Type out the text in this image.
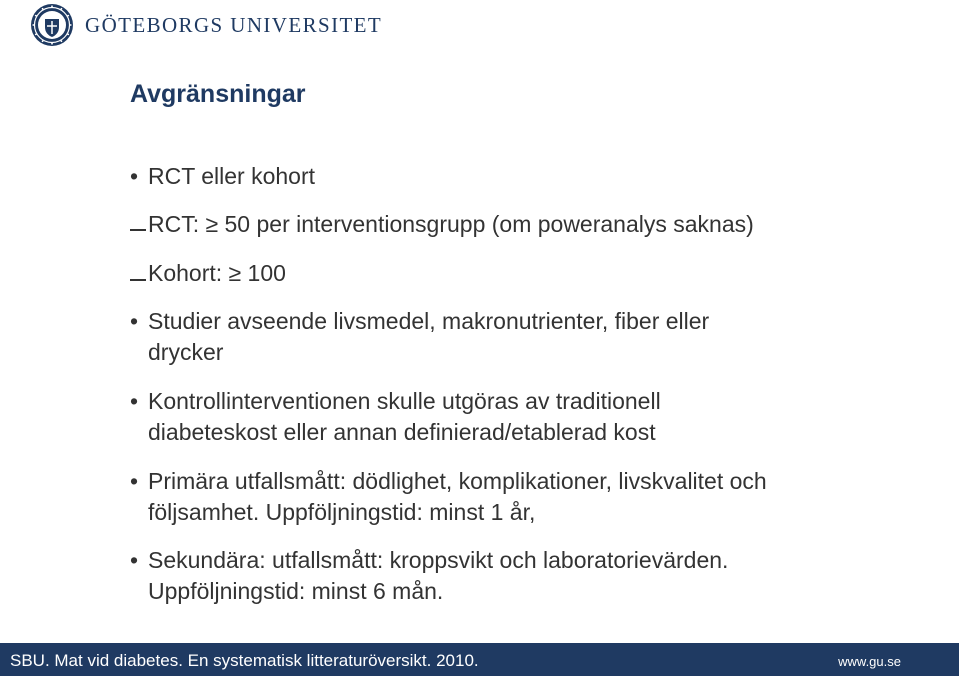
GÖTEBORGS UNIVERSITET
Avgränsningar
• RCT eller kohort
RCT: ≥ 50 per interventionsgrupp (om poweranalys saknas)
Kohort: ≥ 100
• Studier avseende livsmedel, makronutrienter, fiber eller
drycker
• Kontrollinterventionen skulle utgöras av traditionell
diabeteskost eller annan definierad/etablerad kost
• Primära utfallsmått: dödlighet, komplikationer, livskvalitet och
följsamhet. Uppföljningstid: minst 1 år,
• Sekundära: utfallsmått: kroppsvikt och laboratorievärden.
Uppföljningstid: minst 6 mån.
SBU. Mat vid diabetes. En systematisk litteraturöversikt. 2010.	www.gu.se
